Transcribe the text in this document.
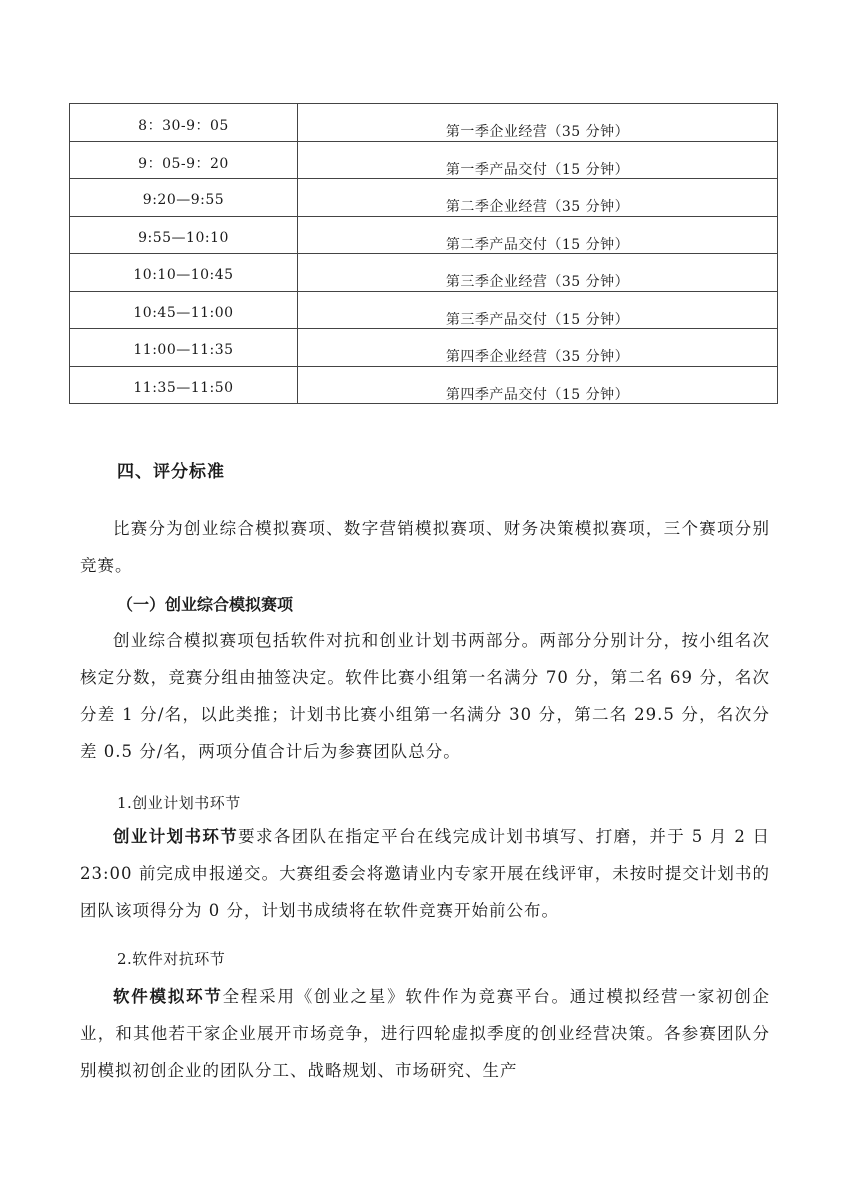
8：30-9：05	第一季企业经营（35 分钟）
9：05-9：20	第一季产品交付（15 分钟）
9:20—9:55	第二季企业经营（35 分钟）
9:55—10:10	第二季产品交付（15 分钟）
10:10—10:45	第三季企业经营（35 分钟）
10:45—11:00	第三季产品交付（15 分钟）
11:00—11:35	第四季企业经营（35 分钟）
11:35—11:50	第四季产品交付（15 分钟）
四、评分标准

比赛分为创业综合模拟赛项、数字营销模拟赛项、财务决策模拟赛项，三个赛项分别竞赛。

（一）创业综合模拟赛项

创业综合模拟赛项包括软件对抗和创业计划书两部分。两部分分别计分，按小组名次核定分数，竞赛分组由抽签决定。软件比赛小组第一名满分 70 分，第二名 69 分，名次分差 1 分/名，以此类推；计划书比赛小组第一名满分 30 分，第二名 29.5 分，名次分差 0.5 分/名，两项分值合计后为参赛团队总分。

1.创业计划书环节

创业计划书环节要求各团队在指定平台在线完成计划书填写、打磨，并于 5 月 2 日 23:00 前完成申报递交。大赛组委会将邀请业内专家开展在线评审，未按时提交计划书的团队该项得分为 0 分，计划书成绩将在软件竞赛开始前公布。

2.软件对抗环节

软件模拟环节全程采用《创业之星》软件作为竞赛平台。通过模拟经营一家初创企业，和其他若干家企业展开市场竞争，进行四轮虚拟季度的创业经营决策。各参赛团队分别模拟初创企业的团队分工、战略规划、市场研究、生产
